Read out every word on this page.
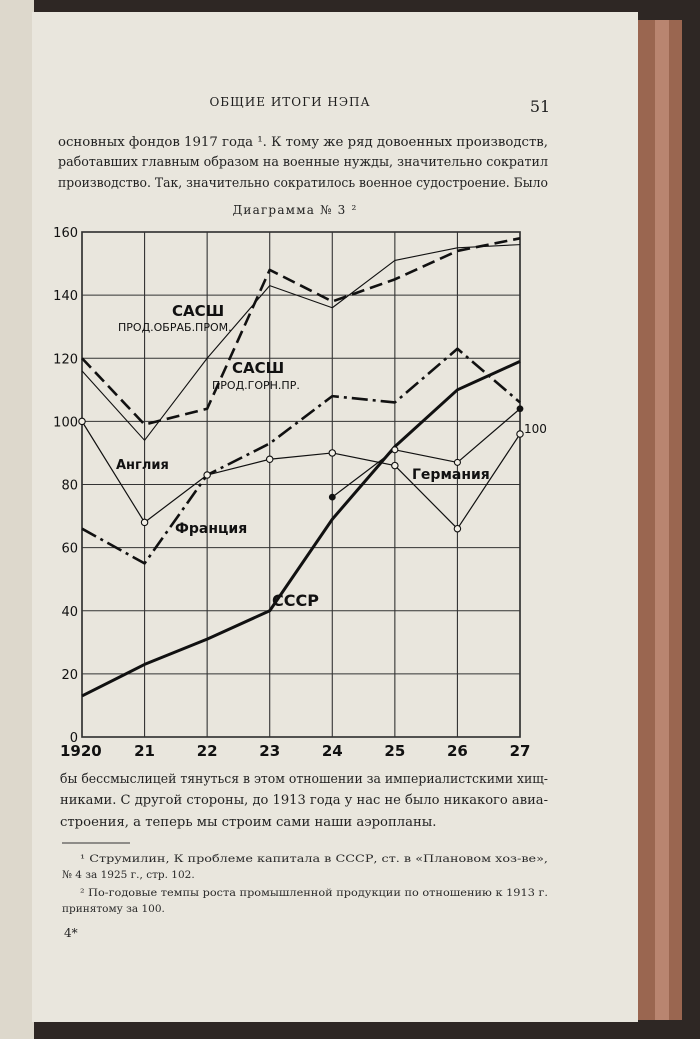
ОБЩИЕ ИТОГИ НЭПА	51
основных фондов 1917 года ¹. К тому же ряд довоенных производств,
работавших главным образом на военные нужды, значительно сократил
производство. Так, значительно сократилось военное судостроение. Было
Диаграмма № 3 ²
0
20
40
60
80
100
120
140
160
1920 21	22	23	24	25	26	27
САСШ
ПРОД.ОБРАБ.ПРОМ.
САСШ
ПРОД.ГОРН.ПР.
Англия
Франция
Германия
СССР
100
бы бессмыслицей тянуться в этом отношении за империалистскими хищ-
никами. С другой стороны, до 1913 года у нас не было никакого авиа-
строения, а теперь мы строим сами наши аэропланы.
¹ Струмилин, К проблеме капитала в СССР, ст. в «Плановом хоз-ве»,
№ 4 за 1925 г., стр. 102.
² По-годовые темпы роста промышленной продукции по отношению к 1913 г.
принятому за 100.
4*
